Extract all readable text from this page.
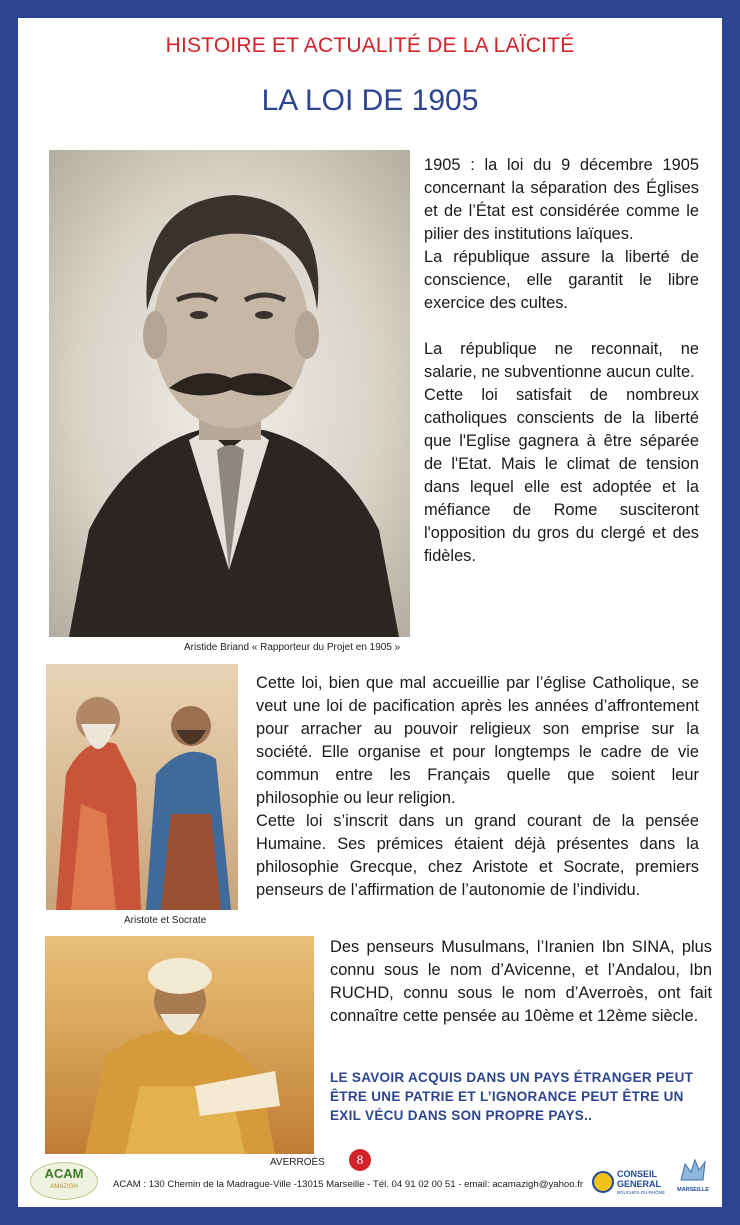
HISTOIRE ET ACTUALITÉ DE LA LAÏCITÉ
LA LOI DE 1905
Aristide Briand « Rapporteur du Projet en 1905 »

1905 : la loi du 9 décembre 1905 concernant la séparation des Églises et de l’État est considérée comme le pilier des institutions laïques.

La république assure la liberté de conscience, elle garantit le libre exercice des cultes.

La république ne reconnait, ne salarie, ne subventionne aucun culte.

Cette loi satisfait de nombreux catholiques conscients de la liberté que l'Eglise gagnera à être séparée de l'Etat. Mais le climat de tension dans lequel elle est adoptée et la méfiance de Rome susciteront l'opposition du gros du clergé et des fidèles.

Aristote et Socrate

Cette loi, bien que mal accueillie par l’église Catholique, se veut une loi de pacification après les années d’affrontement pour arracher au pouvoir religieux son emprise sur la société. Elle organise et pour longtemps le cadre de vie commun entre les Français quelle que soient leur philosophie ou leur religion.

Cette loi s’inscrit dans un grand courant de la pensée Humaine. Ses prémices étaient déjà présentes dans la philosophie Grecque, chez Aristote et Socrate, premiers penseurs de l’affirmation de l’autonomie de l’individu.

AVERROÈS

Des penseurs Musulmans, l’Iranien Ibn SINA, plus connu sous le nom d’Avicenne, et l’Andalou, Ibn RUCHD, connu sous le nom d’Averroès, ont fait connaître cette pensée au 10ème et 12ème siècle.

LE SAVOIR ACQUIS DANS UN PAYS ÉTRANGER PEUT ÊTRE UNE PATRIE ET L’IGNORANCE PEUT ÊTRE UN EXIL VÉCU DANS SON PROPRE PAYS..
8
ACAM
AMAZIGH	ACAM : 130 Chemin de la Madrague-Ville -13015 Marseille - Tél. 04 91 02 00 51 - email: acamazigh@yahoo.fr
CONSEIL
GENERAL
BOUCHES-DU-RHÔNE	MARSEILLE
